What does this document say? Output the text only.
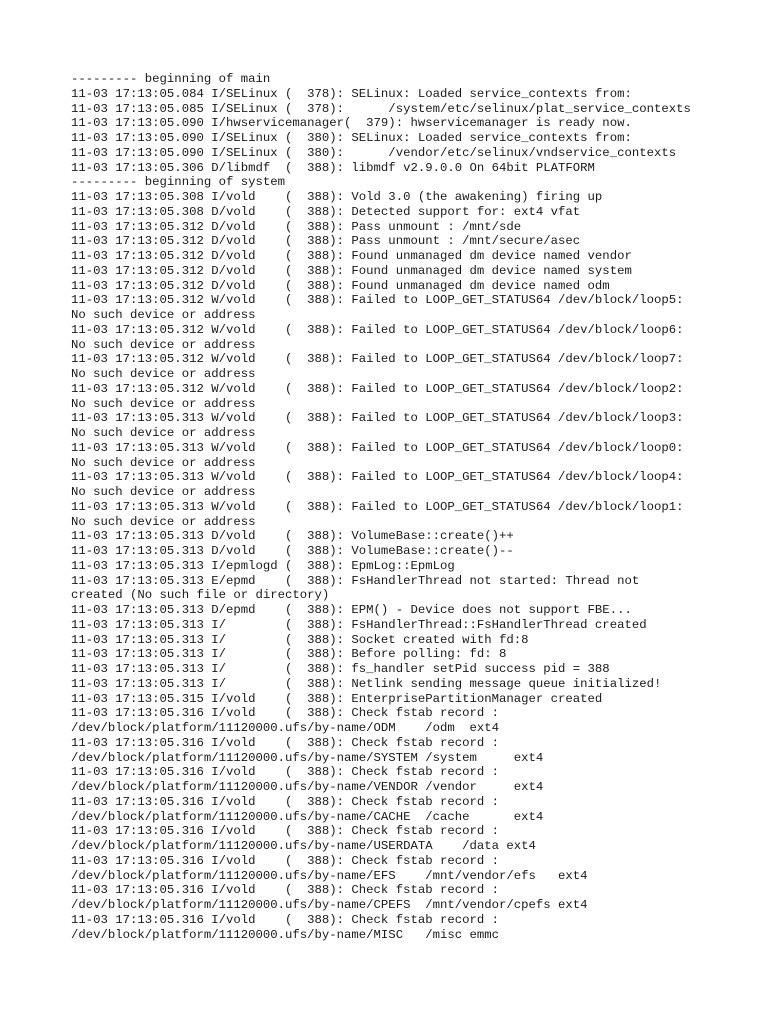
--------- beginning of main
11-03 17:13:05.084 I/SELinux (  378): SELinux: Loaded service_contexts from:
11-03 17:13:05.085 I/SELinux (  378):      /system/etc/selinux/plat_service_contexts
11-03 17:13:05.090 I/hwservicemanager(  379): hwservicemanager is ready now.
11-03 17:13:05.090 I/SELinux (  380): SELinux: Loaded service_contexts from:
11-03 17:13:05.090 I/SELinux (  380):      /vendor/etc/selinux/vndservice_contexts
11-03 17:13:05.306 D/libmdf  (  388): libmdf v2.9.0.0 On 64bit PLATFORM
--------- beginning of system
11-03 17:13:05.308 I/vold    (  388): Vold 3.0 (the awakening) firing up
11-03 17:13:05.308 D/vold    (  388): Detected support for: ext4 vfat
11-03 17:13:05.312 D/vold    (  388): Pass unmount : /mnt/sde
11-03 17:13:05.312 D/vold    (  388): Pass unmount : /mnt/secure/asec
11-03 17:13:05.312 D/vold    (  388): Found unmanaged dm device named vendor
11-03 17:13:05.312 D/vold    (  388): Found unmanaged dm device named system
11-03 17:13:05.312 D/vold    (  388): Found unmanaged dm device named odm
11-03 17:13:05.312 W/vold    (  388): Failed to LOOP_GET_STATUS64 /dev/block/loop5:
No such device or address
11-03 17:13:05.312 W/vold    (  388): Failed to LOOP_GET_STATUS64 /dev/block/loop6:
No such device or address
11-03 17:13:05.312 W/vold    (  388): Failed to LOOP_GET_STATUS64 /dev/block/loop7:
No such device or address
11-03 17:13:05.312 W/vold    (  388): Failed to LOOP_GET_STATUS64 /dev/block/loop2:
No such device or address
11-03 17:13:05.313 W/vold    (  388): Failed to LOOP_GET_STATUS64 /dev/block/loop3:
No such device or address
11-03 17:13:05.313 W/vold    (  388): Failed to LOOP_GET_STATUS64 /dev/block/loop0:
No such device or address
11-03 17:13:05.313 W/vold    (  388): Failed to LOOP_GET_STATUS64 /dev/block/loop4:
No such device or address
11-03 17:13:05.313 W/vold    (  388): Failed to LOOP_GET_STATUS64 /dev/block/loop1:
No such device or address
11-03 17:13:05.313 D/vold    (  388): VolumeBase::create()++
11-03 17:13:05.313 D/vold    (  388): VolumeBase::create()--
11-03 17:13:05.313 I/epmlogd (  388): EpmLog::EpmLog
11-03 17:13:05.313 E/epmd    (  388): FsHandlerThread not started: Thread not
created (No such file or directory)
11-03 17:13:05.313 D/epmd    (  388): EPM() - Device does not support FBE...
11-03 17:13:05.313 I/        (  388): FsHandlerThread::FsHandlerThread created
11-03 17:13:05.313 I/        (  388): Socket created with fd:8
11-03 17:13:05.313 I/        (  388): Before polling: fd: 8
11-03 17:13:05.313 I/        (  388): fs_handler setPid success pid = 388
11-03 17:13:05.313 I/        (  388): Netlink sending message queue initialized!
11-03 17:13:05.315 I/vold    (  388): EnterprisePartitionManager created
11-03 17:13:05.316 I/vold    (  388): Check fstab record :
/dev/block/platform/11120000.ufs/by-name/ODM    /odm  ext4
11-03 17:13:05.316 I/vold    (  388): Check fstab record :
/dev/block/platform/11120000.ufs/by-name/SYSTEM /system     ext4
11-03 17:13:05.316 I/vold    (  388): Check fstab record :
/dev/block/platform/11120000.ufs/by-name/VENDOR /vendor     ext4
11-03 17:13:05.316 I/vold    (  388): Check fstab record :
/dev/block/platform/11120000.ufs/by-name/CACHE  /cache      ext4
11-03 17:13:05.316 I/vold    (  388): Check fstab record :
/dev/block/platform/11120000.ufs/by-name/USERDATA    /data ext4
11-03 17:13:05.316 I/vold    (  388): Check fstab record :
/dev/block/platform/11120000.ufs/by-name/EFS    /mnt/vendor/efs   ext4
11-03 17:13:05.316 I/vold    (  388): Check fstab record :
/dev/block/platform/11120000.ufs/by-name/CPEFS  /mnt/vendor/cpefs ext4
11-03 17:13:05.316 I/vold    (  388): Check fstab record :
/dev/block/platform/11120000.ufs/by-name/MISC   /misc emmc
